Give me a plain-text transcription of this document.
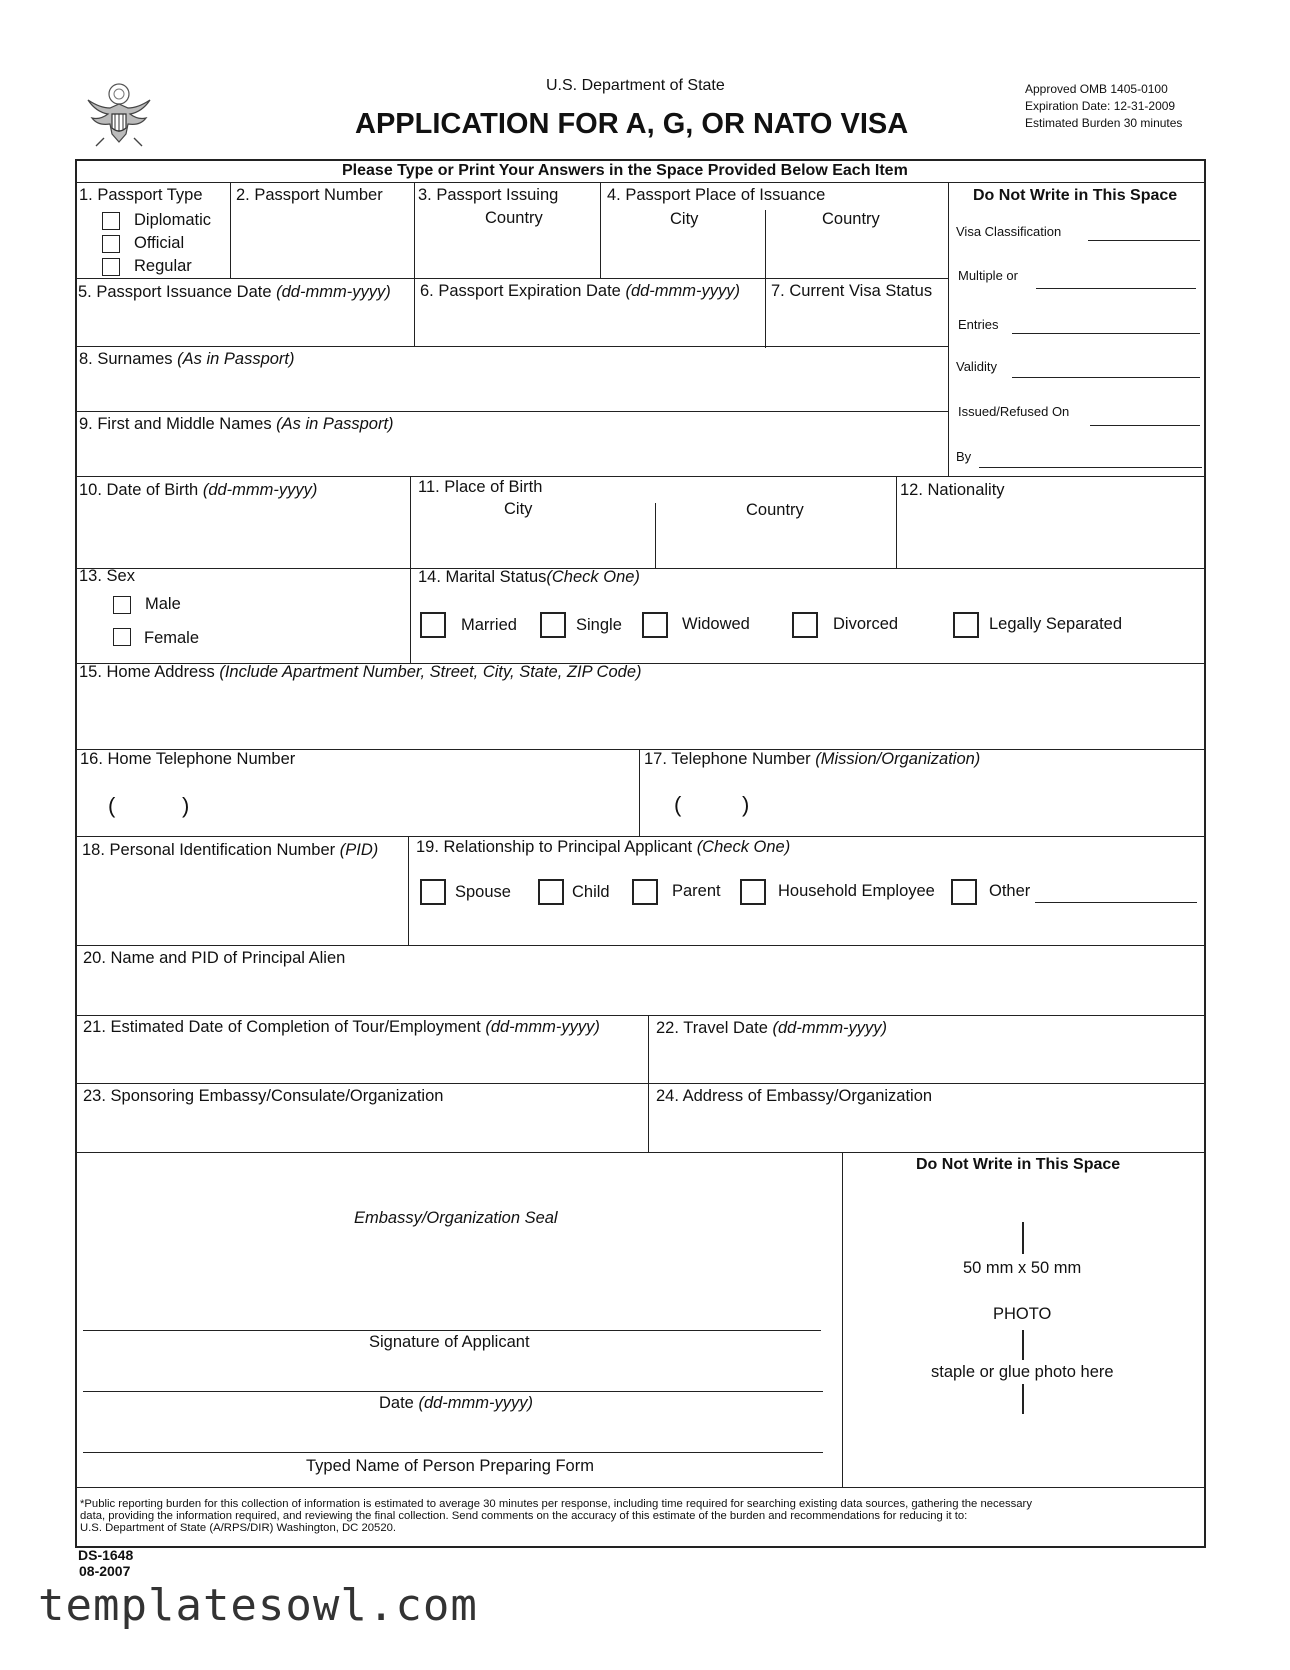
U.S. Department of State
APPLICATION FOR A, G, OR NATO VISA
Approved OMB 1405-0100
Expiration Date: 12-31-2009
Estimated Burden 30 minutes
Please Type or Print Your Answers in the Space Provided Below Each Item
1. Passport Type
Diplomatic
Official
Regular
2. Passport Number 3. Passport Issuing
Country
4. Passport Place of Issuance
City	Country
5. Passport Issuance Date (dd-mmm-yyyy) 6. Passport Expiration Date (dd-mmm-yyyy) 7. Current Visa Status
8. Surnames (As in Passport)
9. First and Middle Names (As in Passport)
Do Not Write in This Space
Visa Classification
Multiple or
Entries
Validity
Issued/Refused On
By
10. Date of Birth (dd-mmm-yyyy)	11. Place of Birth
City	Country
12. Nationality
13. Sex
Male
Female
14. Marital Status(Check One)
Married	Single	Widowed	Divorced	Legally Separated
15. Home Address (Include Apartment Number, Street, City, State, ZIP Code)
16. Home Telephone Number
(	)
17. Telephone Number (Mission/Organization)
(	)
18. Personal Identification Number (PID) 19. Relationship to Principal Applicant (Check One)
Spouse	Child	Parent	Household Employee	Other
20. Name and PID of Principal Alien
21. Estimated Date of Completion of Tour/Employment (dd-mmm-yyyy)	22. Travel Date (dd-mmm-yyyy)
23. Sponsoring Embassy/Consulate/Organization	24. Address of Embassy/Organization
Embassy/Organization Seal
Signature of Applicant
Date (dd-mmm-yyyy)
Typed Name of Person Preparing Form
Do Not Write in This Space
50 mm x 50 mm
PHOTO
staple or glue photo here
*Public reporting burden for this collection of information is estimated to average 30 minutes per response, including time required for searching existing data sources, gathering the necessary
data, providing the information required, and reviewing the final collection. Send comments on the accuracy of this estimate of the burden and recommendations for reducing it to:
U.S. Department of State (A/RPS/DIR) Washington, DC 20520.
DS-1648
08-2007
templatesowl.com
